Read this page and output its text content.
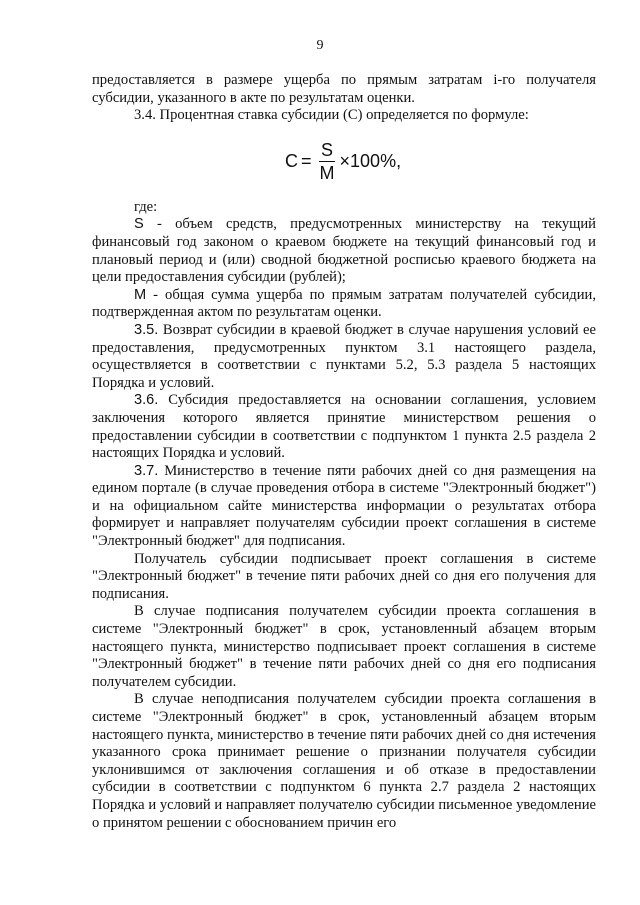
9

предоставляется в размере ущерба по прямым затратам i-го получателя субсидии, указанного в акте по результатам оценки.

3.4. Процентная ставка субсидии (С) определяется по формуле:

$C = \frac{S}{M} \times 100\%$,

где:

S - объем средств, предусмотренных министерству на текущий финансовый год законом о краевом бюджете на текущий финансовый год и плановый период и (или) сводной бюджетной росписью краевого бюджета на цели предоставления субсидии (рублей);

M - общая сумма ущерба по прямым затратам получателей субсидии, подтвержденная актом по результатам оценки.

3.5. Возврат субсидии в краевой бюджет в случае нарушения условий ее предоставления, предусмотренных пунктом 3.1 настоящего раздела, осуществляется в соответствии с пунктами 5.2, 5.3 раздела 5 настоящих Порядка и условий.

3.6. Субсидия предоставляется на основании соглашения, условием заключения которого является принятие министерством решения о предоставлении субсидии в соответствии с подпунктом 1 пункта 2.5 раздела 2 настоящих Порядка и условий.

3.7. Министерство в течение пяти рабочих дней со дня размещения на едином портале (в случае проведения отбора в системе "Электронный бюджет") и на официальном сайте министерства информации о результатах отбора формирует и направляет получателям субсидии проект соглашения в системе "Электронный бюджет" для подписания.

Получатель субсидии подписывает проект соглашения в системе "Электронный бюджет" в течение пяти рабочих дней со дня его получения для подписания.

В случае подписания получателем субсидии проекта соглашения в системе "Электронный бюджет" в срок, установленный абзацем вторым настоящего пункта, министерство подписывает проект соглашения в системе "Электронный бюджет" в течение пяти рабочих дней со дня его подписания получателем субсидии.

В случае неподписания получателем субсидии проекта соглашения в системе "Электронный бюджет" в срок, установленный абзацем вторым настоящего пункта, министерство в течение пяти рабочих дней со дня истечения указанного срока принимает решение о признании получателя субсидии уклонившимся от заключения соглашения и об отказе в предоставлении субсидии в соответствии с подпунктом 6 пункта 2.7 раздела 2 настоящих Порядка и условий и направляет получателю субсидии письменное уведомление о принятом решении с обоснованием причин его
